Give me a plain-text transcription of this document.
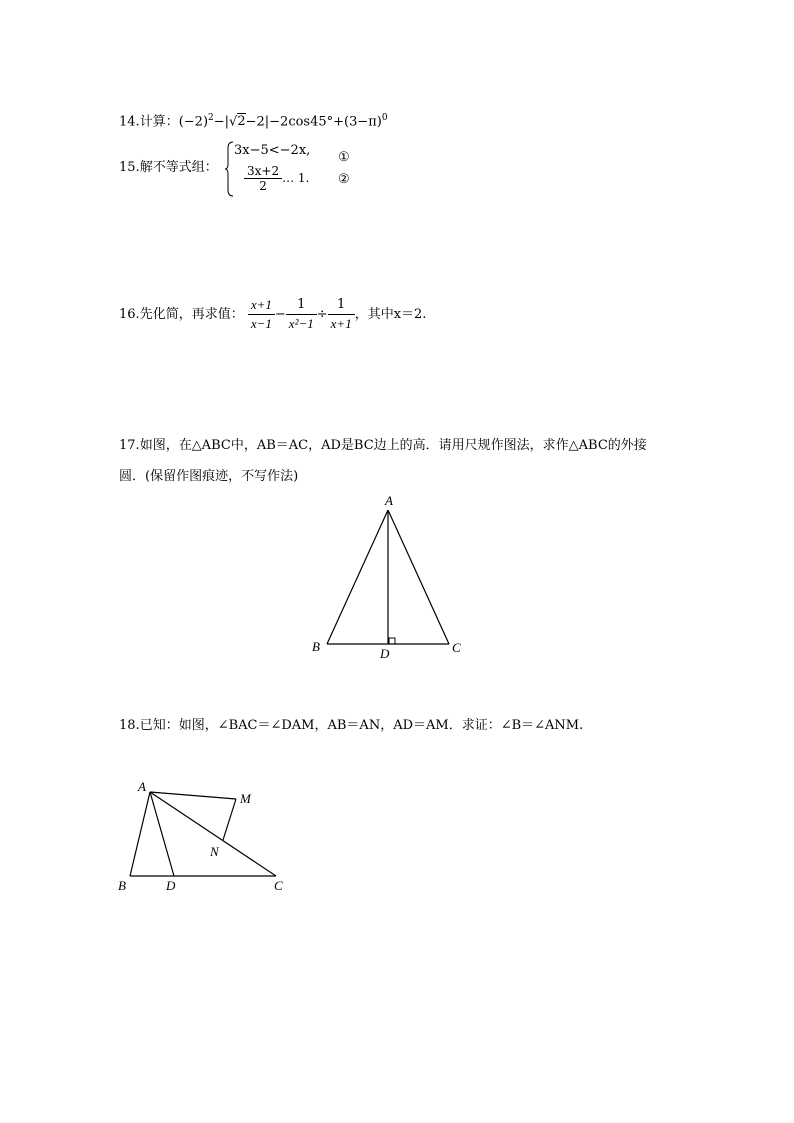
14.计算：$(-2)^2-|√2-2|-2\cos 45^\circ+(3-\pi)^0$
15.解不等式组：
3x−5<−2x,
$\frac{3x+2}{2}$ … 1.
①
②
16.先化简，再求值： $\frac{x+1}{x-1} - \frac{1}{\text{x²−1}} \div \frac{1}{x+1}$ ，其中x＝2.
17.如图，在△ABC中，AB＝AC，AD是BC边上的高．请用尺规作图法，求作△ABC的外接
圆．(保留作图痕迹，不写作法)
A
B	C
D
18.已知：如图，∠BAC＝∠DAM，AB＝AN，AD＝AM．求证：∠B＝∠ANM.
A
M
N
B	D	C
